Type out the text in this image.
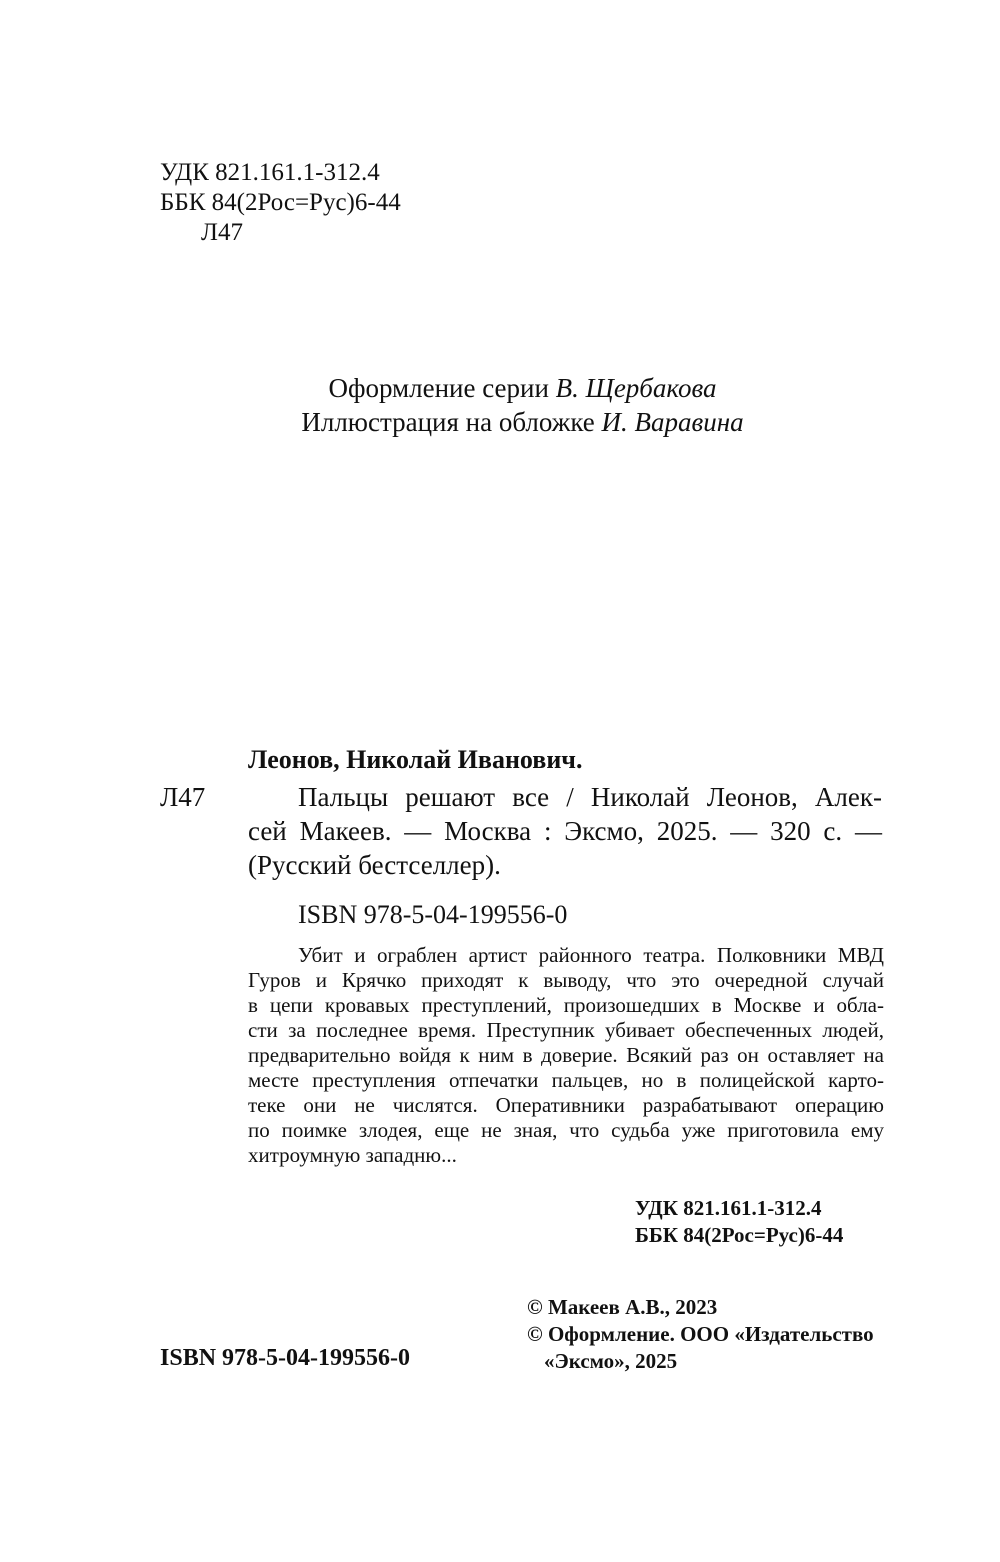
УДК 821.161.1-312.4
ББК 84(2Рос=Рус)6-44
Л47
Оформление серии В. Щербакова
Иллюстрация на обложке И. Варавина
Леонов, Николай Иванович.
Л47	Пальцы решают все / Николай Леонов, Алек-
сей Макеев. — Москва : Эксмо, 2025. — 320 с. —
(Русский бестселлер).
ISBN 978-5-04-199556-0
Убит и ограблен артист районного театра. Полковники МВД
Гуров и Крячко приходят к выводу, что это очередной случай
в цепи кровавых преступлений, произошедших в Москве и обла-
сти за последнее время. Преступник убивает обеспеченных людей,
предварительно войдя к ним в доверие. Всякий раз он оставляет на
месте преступления отпечатки пальцев, но в полицейской карто-
теке они не числятся. Оперативники разрабатывают операцию
по поимке злодея, еще не зная, что судьба уже приготовила ему
хитроумную западню...
УДК 821.161.1-312.4
ББК 84(2Рос=Рус)6-44
© Макеев А.В., 2023
© Оформление. ООО «Издательство
«Эксмо», 2025
ISBN 978-5-04-199556-0
